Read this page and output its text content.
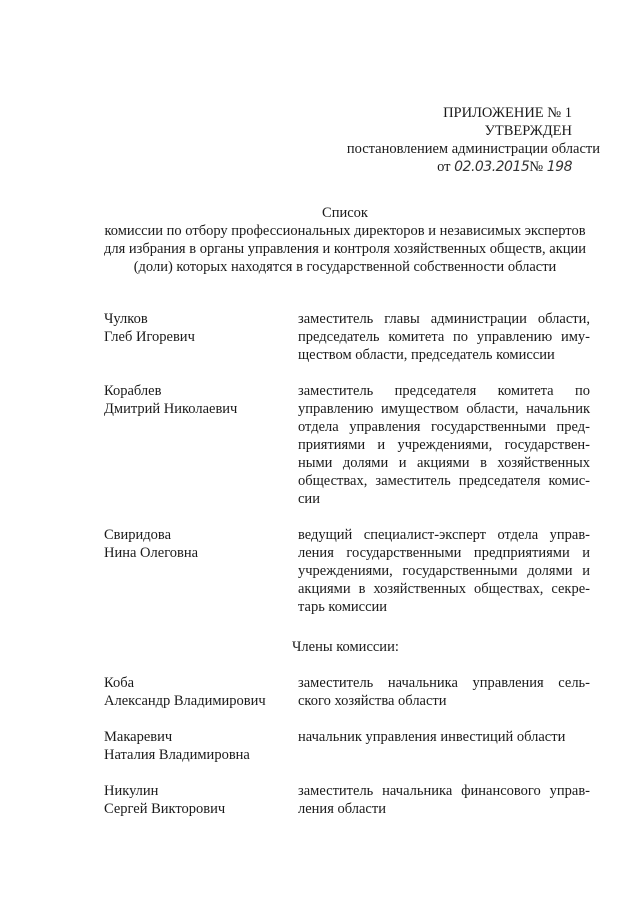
ПРИЛОЖЕНИЕ № 1
УТВЕРЖДЕН
постановлением администрации области
от 02.03.2015№ 198
Список
комиссии по отбору профессиональных директоров и независимых экспертов
для избрания в органы управления и контроля хозяйственных обществ, акции
(доли) которых находятся в государственной собственности области
Чулков
Глеб Игоревич
заместитель главы администрации области, председатель комитета по управлению иму-ществом области, председатель комиссии
Кораблев
Дмитрий Николаевич
заместитель председателя комитета по управлению имуществом области, начальник отдела управления государственными пред-приятиями и учреждениями, государствен-ными долями и акциями в хозяйственных обществах, заместитель председателя комис-сии
Свиридова
Нина Олеговна
ведущий специалист-эксперт отдела управ-ления государственными предприятиями и учреждениями, государственными долями и акциями в хозяйственных обществах, секре-тарь комиссии
Члены комиссии:
Коба
Александр Владимирович
заместитель начальника управления сель-ского хозяйства области
Макаревич
Наталия Владимировна
начальник управления инвестиций области
Никулин
Сергей Викторович
заместитель начальника финансового управ-ления области
